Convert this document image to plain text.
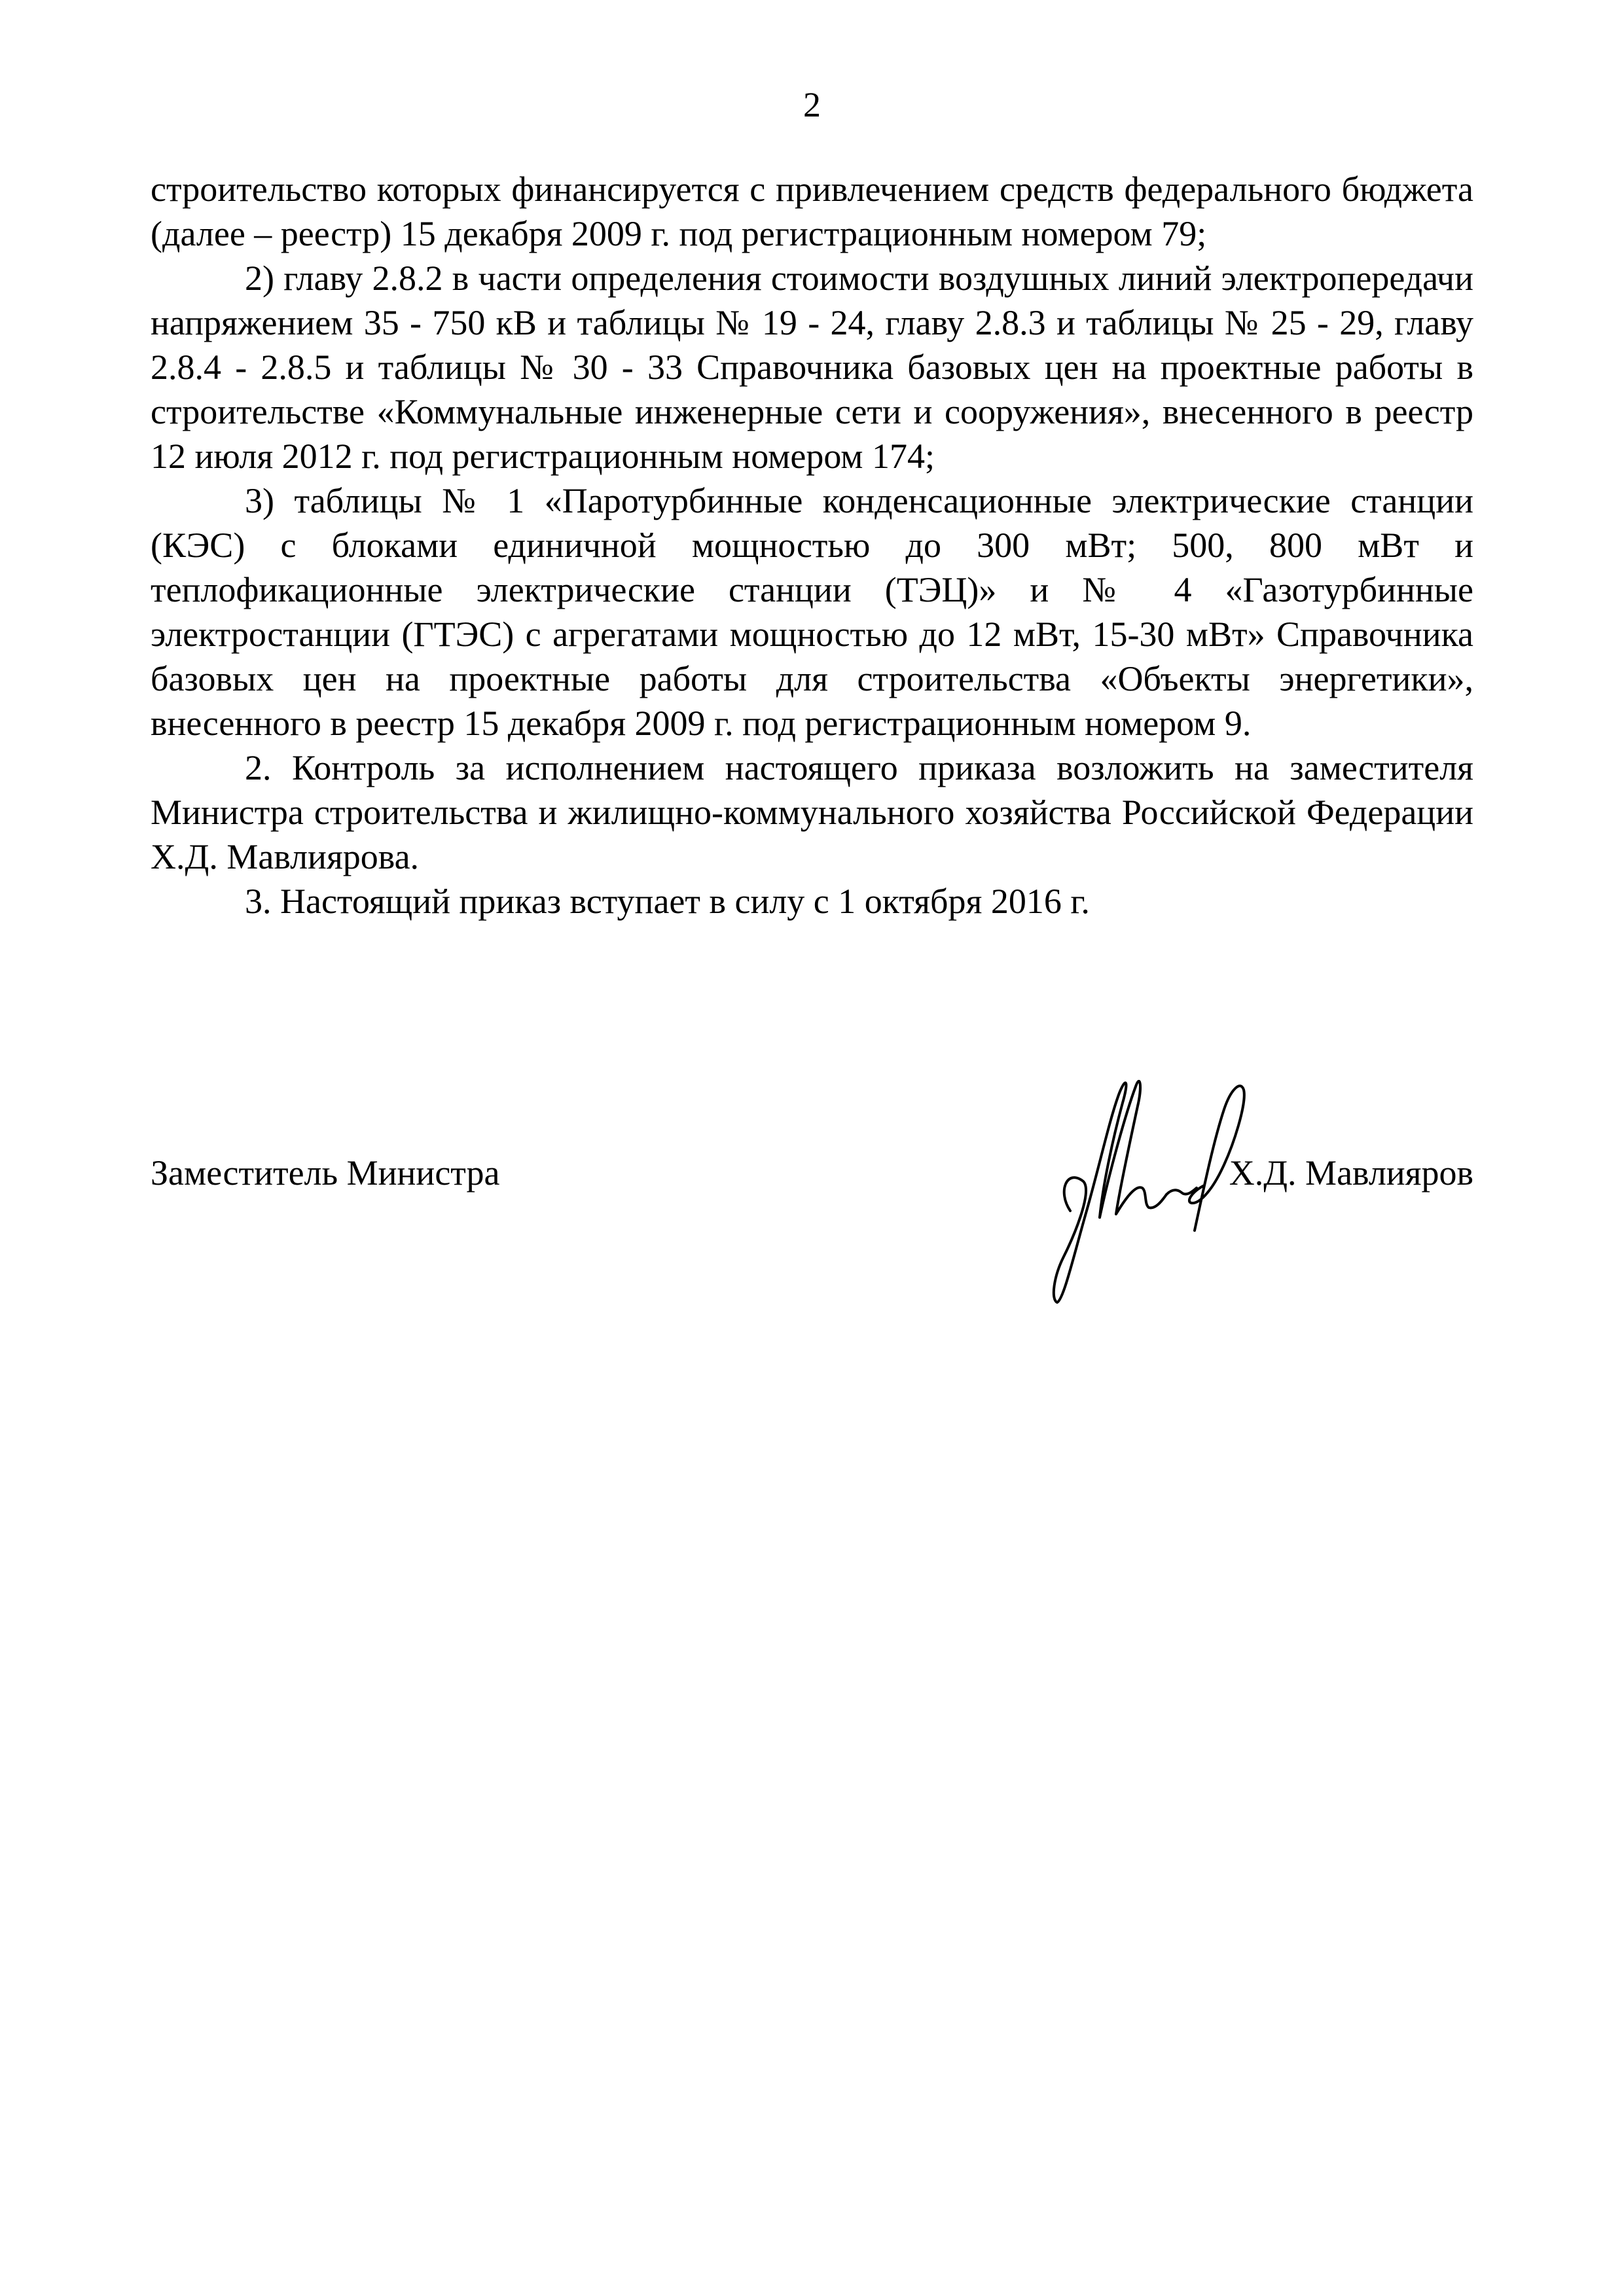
2

строительство которых финансируется с привлечением средств федерального бюджета (далее – реестр) 15 декабря 2009 г. под регистрационным номером 79;

2) главу 2.8.2 в части определения стоимости воздушных линий электропередачи напряжением 35 - 750 кВ и таблицы № 19 - 24, главу 2.8.3 и таблицы № 25 - 29, главу 2.8.4 - 2.8.5 и таблицы № 30 - 33 Справочника базовых цен на проектные работы в строительстве «Коммунальные инженерные сети и сооружения», внесенного в реестр 12 июля 2012 г. под регистрационным номером 174;

3) таблицы № 1 «Паротурбинные конденсационные электрические станции (КЭС) с блоками единичной мощностью до 300 мВт; 500, 800 мВт и теплофикационные электрические станции (ТЭЦ)» и № 4 «Газотурбинные электростанции (ГТЭС) с агрегатами мощностью до 12 мВт, 15-30 мВт» Справочника базовых цен на проектные работы для строительства «Объекты энергетики», внесенного в реестр 15 декабря 2009 г. под регистрационным номером 9.

2. Контроль за исполнением настоящего приказа возложить на заместителя Министра строительства и жилищно-коммунального хозяйства Российской Федерации Х.Д. Мавлиярова.

3. Настоящий приказ вступает в силу с 1 октября 2016 г.

Заместитель Министра	Х.Д. Мавлияров
